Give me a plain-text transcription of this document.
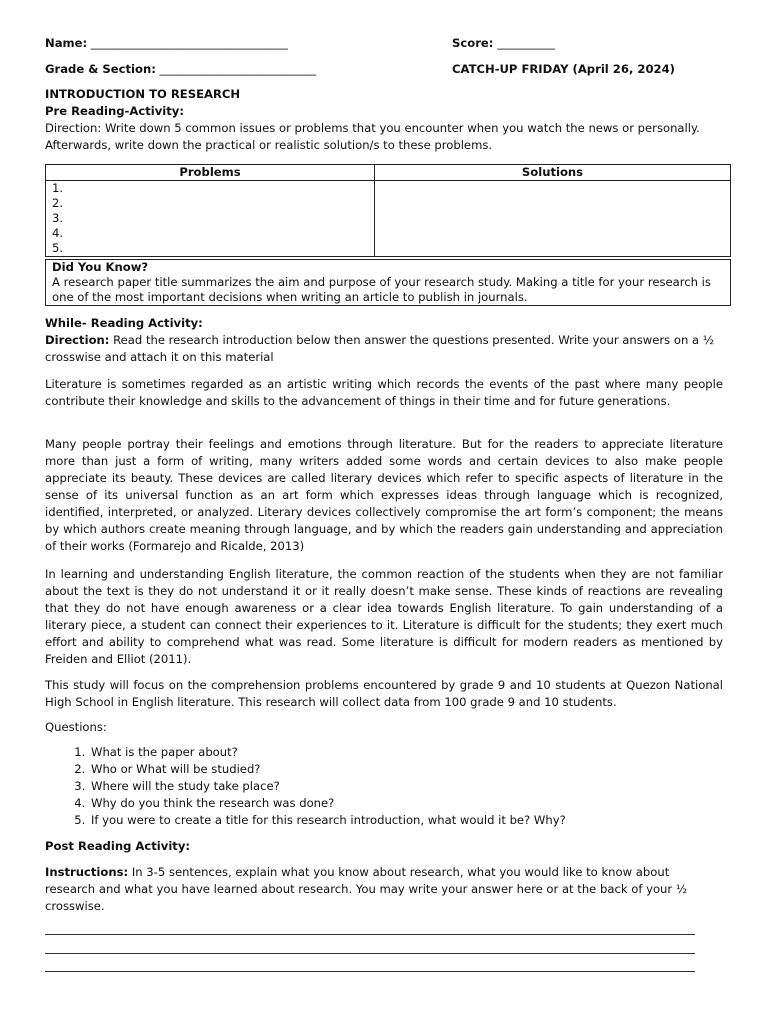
Name: __________________________________	Score: __________
Grade & Section: ___________________________	CATCH-UP FRIDAY (April 26, 2024)
INTRODUCTION TO RESEARCH
Pre Reading-Activity:
Direction: Write down 5 common issues or problems that you encounter when you watch the news or personally. Afterwards, write down the practical or realistic solution/s to these problems.
Problems	Solutions

1.
2.
3.
4.
5.	

Did You Know?
A research paper title summarizes the aim and purpose of your research study. Making a title for your research is one of the most important decisions when writing an article to publish in journals.
While- Reading Activity:
Direction: Read the research introduction below then answer the questions presented. Write your answers on a ½ crosswise and attach it on this material
Literature is sometimes regarded as an artistic writing which records the events of the past where many people contribute their knowledge and skills to the advancement of things in their time and for future generations.
Many people portray their feelings and emotions through literature. But for the readers to appreciate literature more than just a form of writing, many writers added some words and certain devices to also make people appreciate its beauty. These devices are called literary devices which refer to specific aspects of literature in the sense of its universal function as an art form which expresses ideas through language which is recognized, identified, interpreted, or analyzed. Literary devices collectively compromise the art form’s component; the means by which authors create meaning through language, and by which the readers gain understanding and appreciation of their works (Formarejo and Ricalde, 2013)
In learning and understanding English literature, the common reaction of the students when they are not familiar about the text is they do not understand it or it really doesn’t make sense. These kinds of reactions are revealing that they do not have enough awareness or a clear idea towards English literature. To gain understanding of a literary piece, a student can connect their experiences to it. Literature is difficult for the students; they exert much effort and ability to comprehend what was read. Some literature is difficult for modern readers as mentioned by Freiden and Elliot (2011).
This study will focus on the comprehension problems encountered by grade 9 and 10 students at Quezon National High School in English literature. This research will collect data from 100 grade 9 and 10 students.
Questions:
1. What is the paper about?
2. Who or What will be studied?
3. Where will the study take place?
4. Why do you think the research was done?
5. If you were to create a title for this research introduction, what would it be? Why?
Post Reading Activity:
Instructions: In 3-5 sentences, explain what you know about research, what you would like to know about research and what you have learned about research. You may write your answer here or at the back of your ½ crosswise.
